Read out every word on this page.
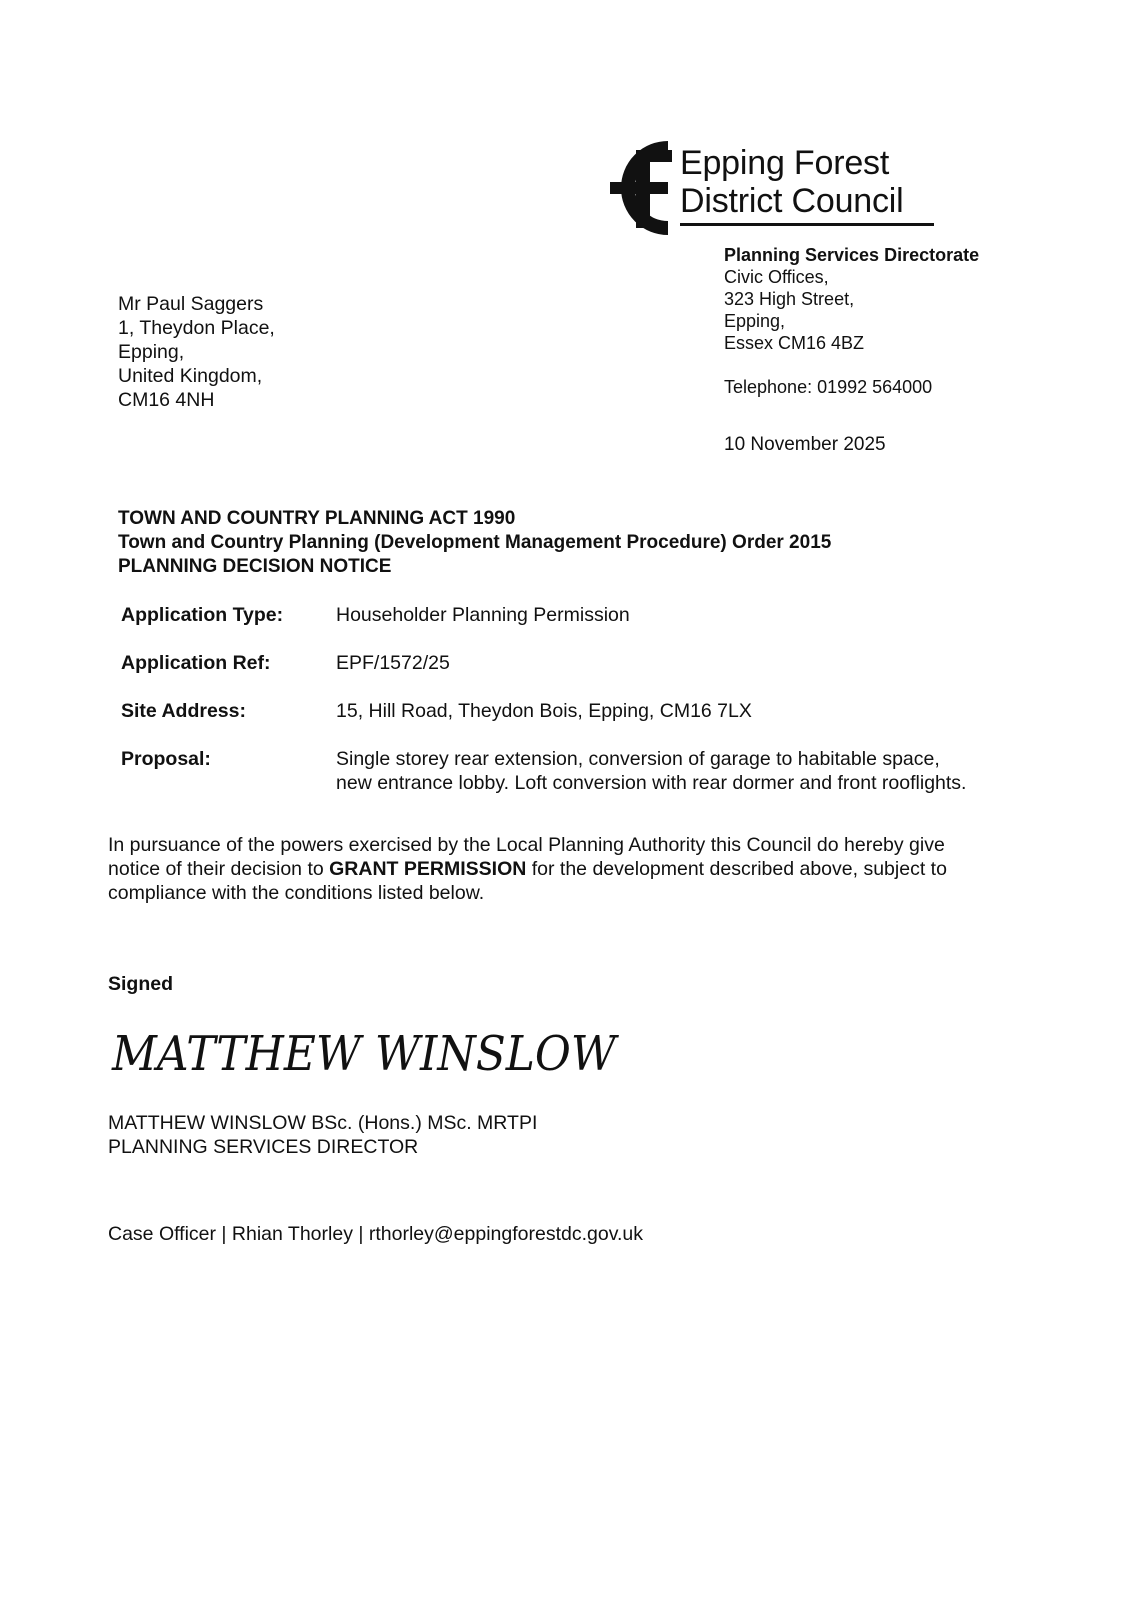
Epping Forest
District Council
Planning Services Directorate
Civic Offices,
323 High Street,
Epping,
Essex CM16 4BZ
Telephone: 01992 564000
10 November 2025
Mr Paul Saggers
1, Theydon Place,
Epping,
United Kingdom,
CM16 4NH
TOWN AND COUNTRY PLANNING ACT 1990
Town and Country Planning (Development Management Procedure) Order 2015
PLANNING DECISION NOTICE
Application Type:	Householder Planning Permission
Application Ref:	EPF/1572/25
Site Address:	15, Hill Road, Theydon Bois, Epping, CM16 7LX
Proposal:	Single storey rear extension, conversion of garage to habitable space,
new entrance lobby. Loft conversion with rear dormer and front rooflights.
In pursuance of the powers exercised by the Local Planning Authority this Council do hereby give
notice of their decision to GRANT PERMISSION for the development described above, subject to
compliance with the conditions listed below.
Signed
MATTHEW WINSLOW
MATTHEW WINSLOW BSc. (Hons.) MSc. MRTPI
PLANNING SERVICES DIRECTOR
Case Officer | Rhian Thorley | rthorley@eppingforestdc.gov.uk
